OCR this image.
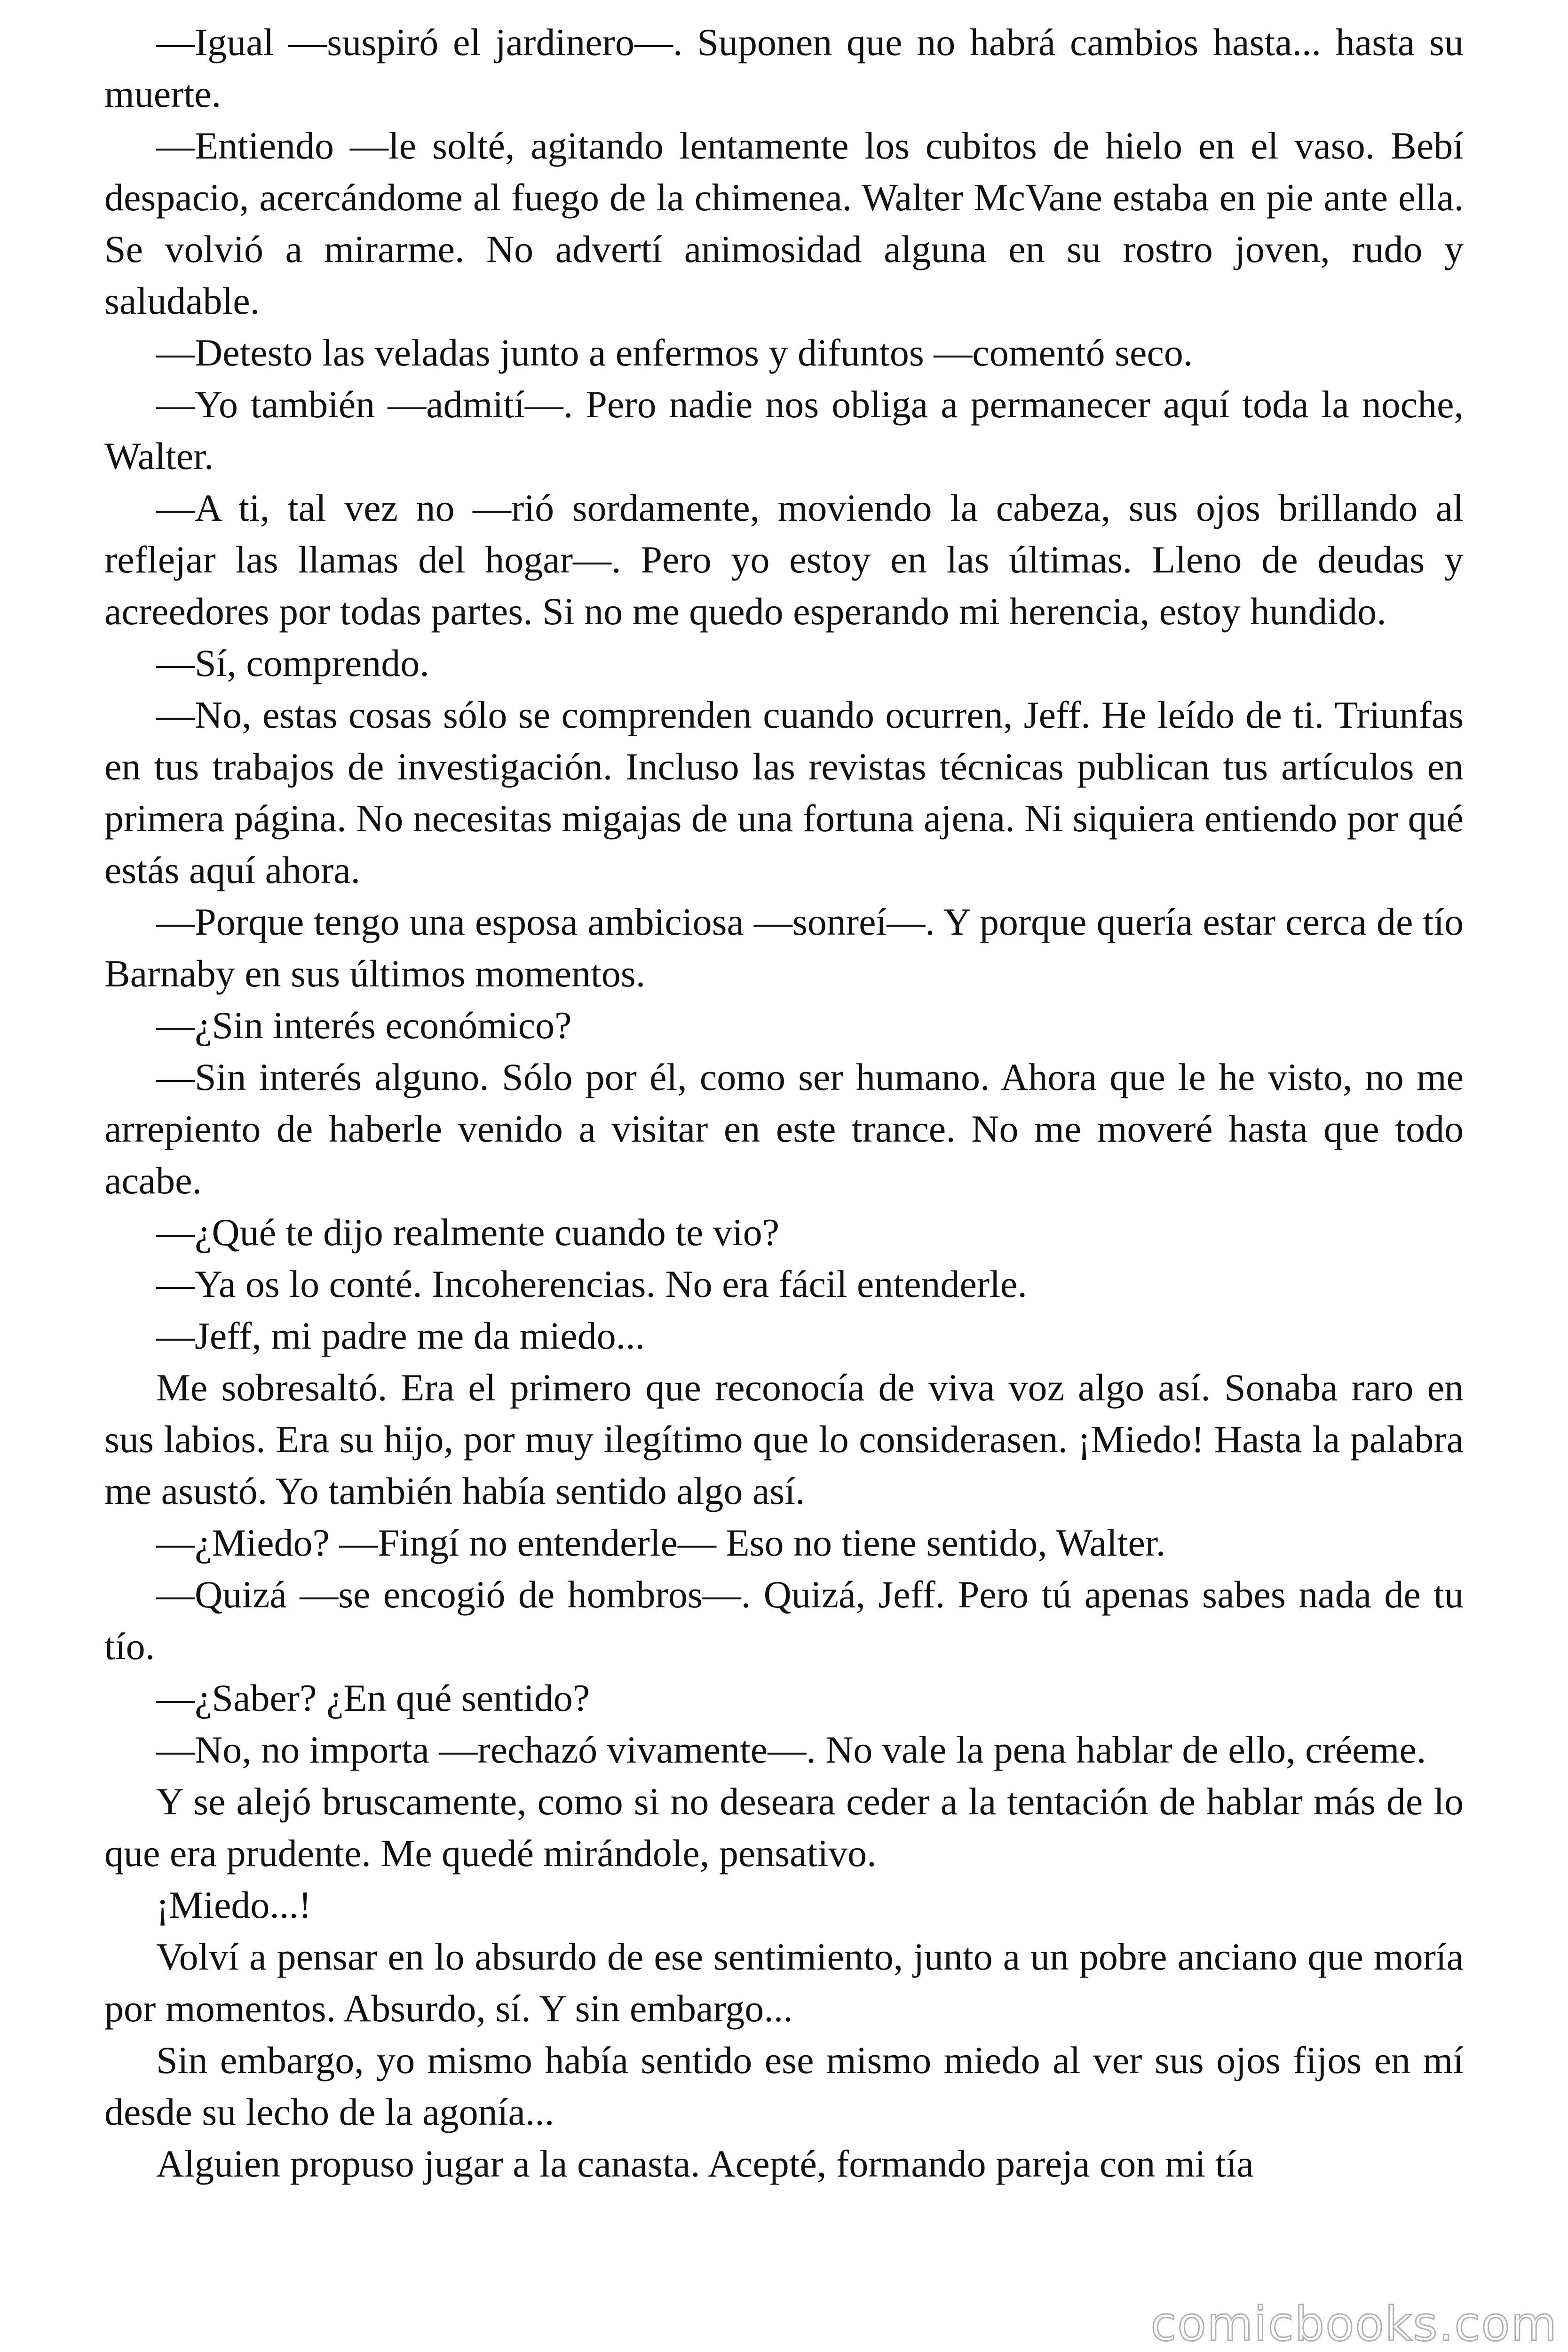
—Igual —suspiró el jardinero—. Suponen que no habrá cambios hasta... hasta su muerte.

—Entiendo —le solté, agitando lentamente los cubitos de hielo en el vaso. Bebí despacio, acercándome al fuego de la chimenea. Walter McVane estaba en pie ante ella. Se volvió a mirarme. No advertí animosidad alguna en su rostro joven, rudo y saludable.

—Detesto las veladas junto a enfermos y difuntos —comentó seco.

—Yo también —admití—. Pero nadie nos obliga a permanecer aquí toda la noche, Walter.

—A ti, tal vez no —rió sordamente, moviendo la cabeza, sus ojos brillando al reflejar las llamas del hogar—. Pero yo estoy en las últimas. Lleno de deudas y acreedores por todas partes. Si no me quedo esperando mi herencia, estoy hundido.

—Sí, comprendo.

—No, estas cosas sólo se comprenden cuando ocurren, Jeff. He leído de ti. Triunfas en tus trabajos de investigación. Incluso las revistas técnicas publican tus artículos en primera página. No necesitas migajas de una fortuna ajena. Ni siquiera entiendo por qué estás aquí ahora.

—Porque tengo una esposa ambiciosa —sonreí—. Y porque quería estar cerca de tío Barnaby en sus últimos momentos.

—¿Sin interés económico?

—Sin interés alguno. Sólo por él, como ser humano. Ahora que le he visto, no me arrepiento de haberle venido a visitar en este trance. No me moveré hasta que todo acabe.

—¿Qué te dijo realmente cuando te vio?

—Ya os lo conté. Incoherencias. No era fácil entenderle.

—Jeff, mi padre me da miedo...

Me sobresaltó. Era el primero que reconocía de viva voz algo así. Sonaba raro en sus labios. Era su hijo, por muy ilegítimo que lo considerasen. ¡Miedo! Hasta la palabra me asustó. Yo también había sentido algo así.

—¿Miedo? —Fingí no entenderle— Eso no tiene sentido, Walter.

—Quizá —se encogió de hombros—. Quizá, Jeff. Pero tú apenas sabes nada de tu tío.

—¿Saber? ¿En qué sentido?

—No, no importa —rechazó vivamente—. No vale la pena hablar de ello, créeme.

Y se alejó bruscamente, como si no deseara ceder a la tentación de hablar más de lo que era prudente. Me quedé mirándole, pensativo.

¡Miedo...!

Volví a pensar en lo absurdo de ese sentimiento, junto a un pobre anciano que moría por momentos. Absurdo, sí. Y sin embargo...

Sin embargo, yo mismo había sentido ese mismo miedo al ver sus ojos fijos en mí desde su lecho de la agonía...

Alguien propuso jugar a la canasta. Acepté, formando pareja con mi tía

comicbooks.com
